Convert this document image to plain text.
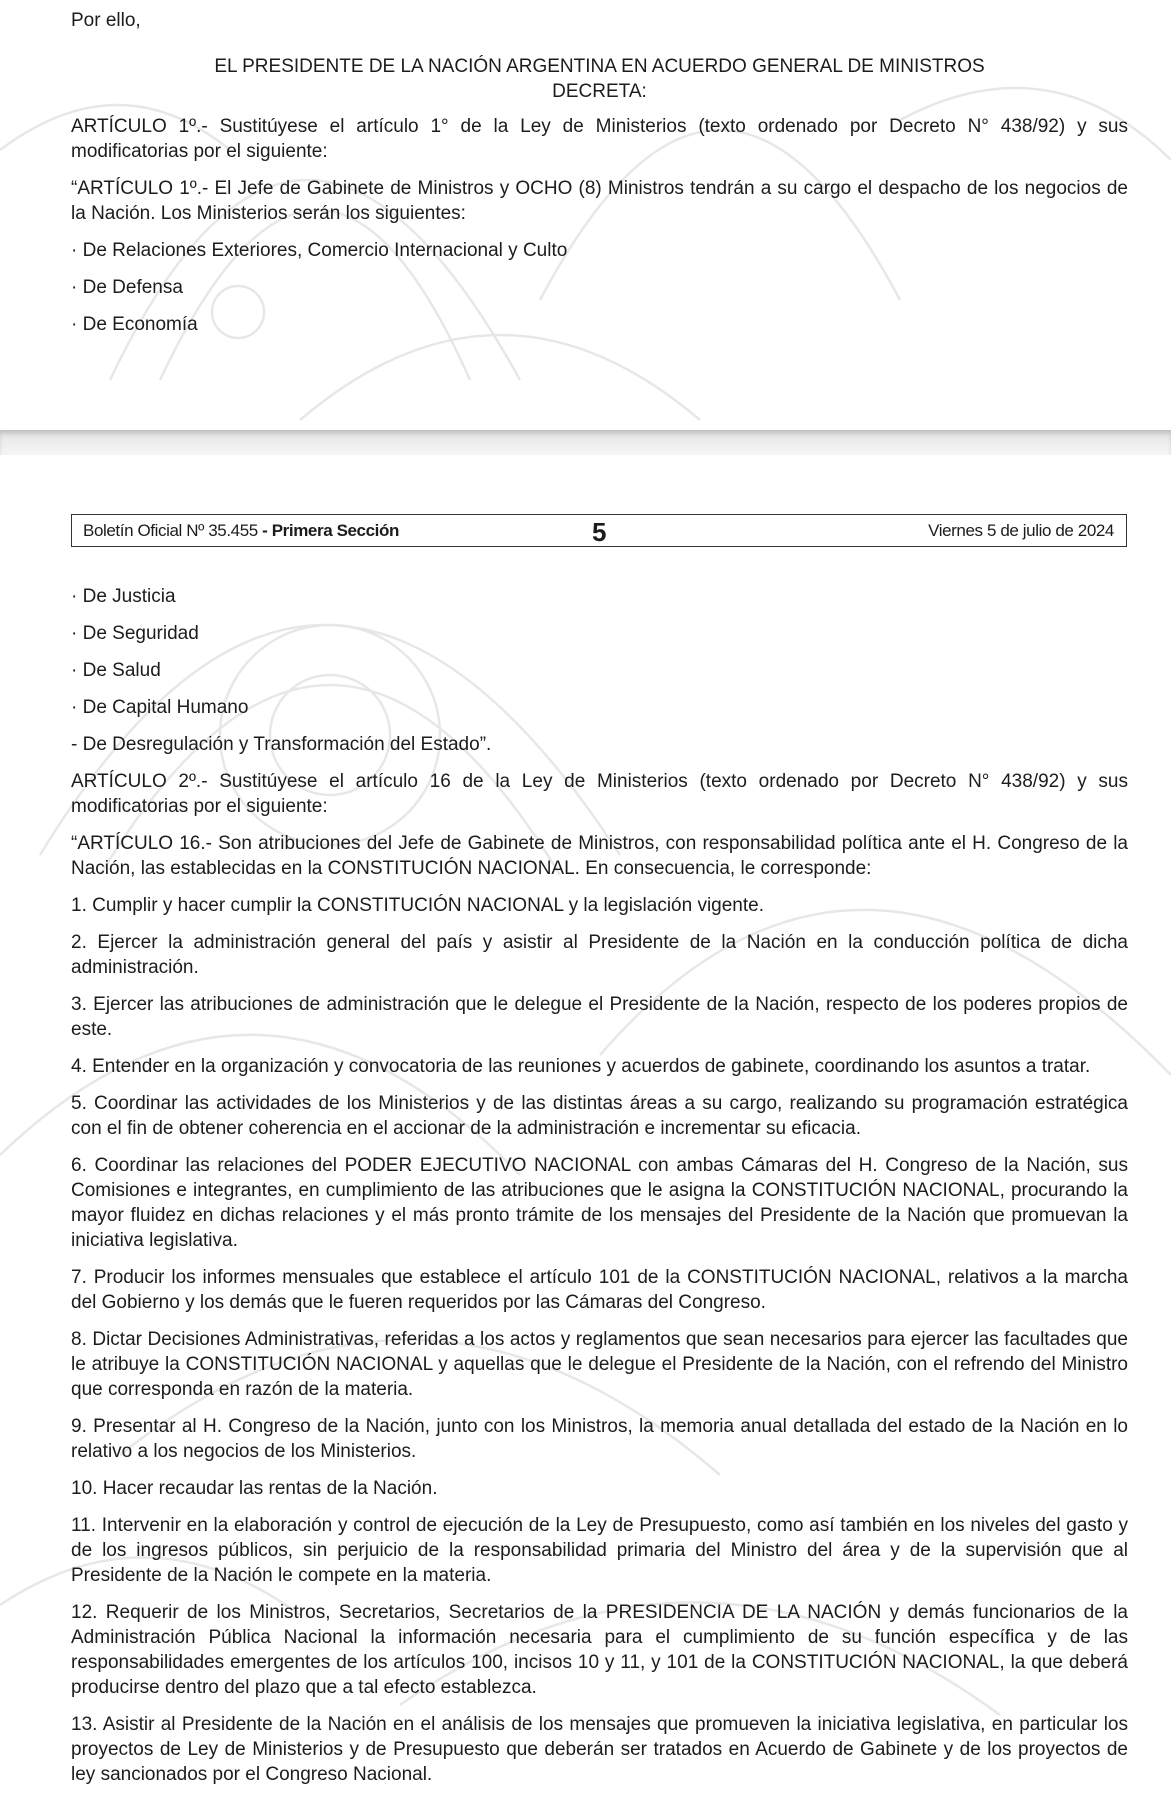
Por ello,

EL PRESIDENTE DE LA NACIÓN ARGENTINA EN ACUERDO GENERAL DE MINISTROS

DECRETA:

ARTÍCULO 1º.- Sustitúyese el artículo 1° de la Ley de Ministerios (texto ordenado por Decreto N° 438/92) y sus modificatorias por el siguiente:

“ARTÍCULO 1º.- El Jefe de Gabinete de Ministros y OCHO (8) Ministros tendrán a su cargo el despacho de los negocios de la Nación. Los Ministerios serán los siguientes:

· De Relaciones Exteriores, Comercio Internacional y Culto

· De Defensa

· De Economía

Boletín Oficial Nº 35.455 - Primera Sección	5	Viernes 5 de julio de 2024

· De Justicia

· De Seguridad

· De Salud

· De Capital Humano

- De Desregulación y Transformación del Estado”.

ARTÍCULO 2º.- Sustitúyese el artículo 16 de la Ley de Ministerios (texto ordenado por Decreto N° 438/92) y sus modificatorias por el siguiente:

“ARTÍCULO 16.- Son atribuciones del Jefe de Gabinete de Ministros, con responsabilidad política ante el H. Congreso de la Nación, las establecidas en la CONSTITUCIÓN NACIONAL. En consecuencia, le corresponde:

1. Cumplir y hacer cumplir la CONSTITUCIÓN NACIONAL y la legislación vigente.

2. Ejercer la administración general del país y asistir al Presidente de la Nación en la conducción política de dicha administración.

3. Ejercer las atribuciones de administración que le delegue el Presidente de la Nación, respecto de los poderes propios de este.

4. Entender en la organización y convocatoria de las reuniones y acuerdos de gabinete, coordinando los asuntos a tratar.

5. Coordinar las actividades de los Ministerios y de las distintas áreas a su cargo, realizando su programación estratégica con el fin de obtener coherencia en el accionar de la administración e incrementar su eficacia.

6. Coordinar las relaciones del PODER EJECUTIVO NACIONAL con ambas Cámaras del H. Congreso de la Nación, sus Comisiones e integrantes, en cumplimiento de las atribuciones que le asigna la CONSTITUCIÓN NACIONAL, procurando la mayor fluidez en dichas relaciones y el más pronto trámite de los mensajes del Presidente de la Nación que promuevan la iniciativa legislativa.

7. Producir los informes mensuales que establece el artículo 101 de la CONSTITUCIÓN NACIONAL, relativos a la marcha del Gobierno y los demás que le fueren requeridos por las Cámaras del Congreso.

8. Dictar Decisiones Administrativas, referidas a los actos y reglamentos que sean necesarios para ejercer las facultades que le atribuye la CONSTITUCIÓN NACIONAL y aquellas que le delegue el Presidente de la Nación, con el refrendo del Ministro que corresponda en razón de la materia.

9. Presentar al H. Congreso de la Nación, junto con los Ministros, la memoria anual detallada del estado de la Nación en lo relativo a los negocios de los Ministerios.

10. Hacer recaudar las rentas de la Nación.

11. Intervenir en la elaboración y control de ejecución de la Ley de Presupuesto, como así también en los niveles del gasto y de los ingresos públicos, sin perjuicio de la responsabilidad primaria del Ministro del área y de la supervisión que al Presidente de la Nación le compete en la materia.

12. Requerir de los Ministros, Secretarios, Secretarios de la PRESIDENCIA DE LA NACIÓN y demás funcionarios de la Administración Pública Nacional la información necesaria para el cumplimiento de su función específica y de las responsabilidades emergentes de los artículos 100, incisos 10 y 11, y 101 de la CONSTITUCIÓN NACIONAL, la que deberá producirse dentro del plazo que a tal efecto establezca.

13. Asistir al Presidente de la Nación en el análisis de los mensajes que promueven la iniciativa legislativa, en particular los proyectos de Ley de Ministerios y de Presupuesto que deberán ser tratados en Acuerdo de Gabinete y de los proyectos de ley sancionados por el Congreso Nacional.
